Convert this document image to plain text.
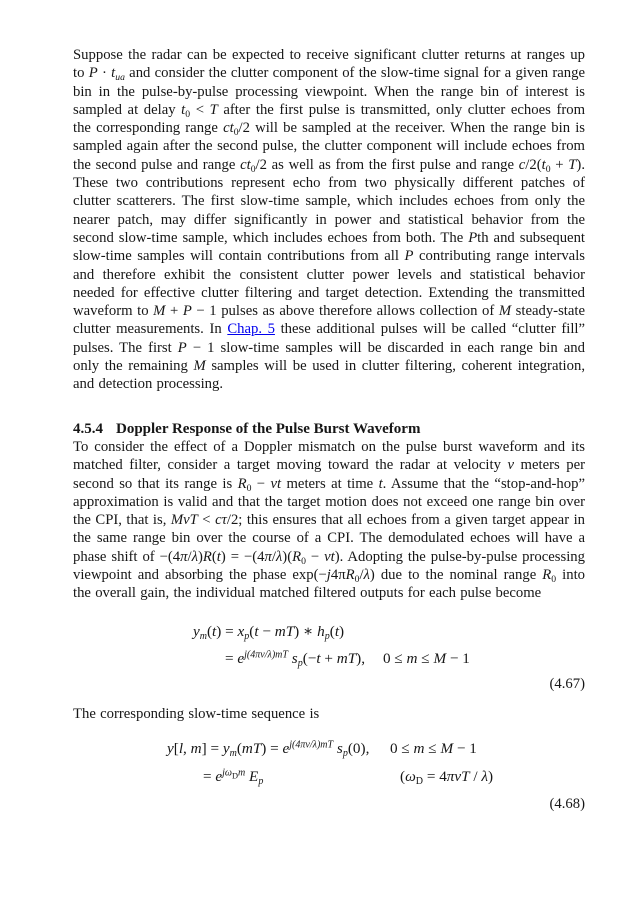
Suppose the radar can be expected to receive significant clutter returns at ranges up to $P \cdot t_{ua}$ and consider the clutter component of the slow-time signal for a given range bin in the pulse-by-pulse processing viewpoint. When the range bin of interest is sampled at delay $t_0 < T$ after the first pulse is transmitted, only clutter echoes from the corresponding range $ct_0/2$ will be sampled at the receiver. When the range bin is sampled again after the second pulse, the clutter component will include echoes from the second pulse and range $ct_0/2$ as well as from the first pulse and range $c/2(t_0 + T)$. These two contributions represent echo from two physically different patches of clutter scatterers. The first slow-time sample, which includes echoes from only the nearer patch, may differ significantly in power and statistical behavior from the second slow-time sample, which includes echoes from both. The Pth and subsequent slow-time samples will contain contributions from all P contributing range intervals and therefore exhibit the consistent clutter power levels and statistical behavior needed for effective clutter filtering and target detection. Extending the transmitted waveform to M + P − 1 pulses as above therefore allows collection of M steady-state clutter measurements. In Chap. 5 these additional pulses will be called “clutter fill” pulses. The first P − 1 slow-time samples will be discarded in each range bin and only the remaining M samples will be used in clutter filtering, coherent integration, and detection processing.

4.5.4 Doppler Response of the Pulse Burst Waveform

To consider the effect of a Doppler mismatch on the pulse burst waveform and its matched filter, consider a target moving toward the radar at velocity v meters per second so that its range is $R_0$ − vt meters at time t. Assume that the “stop-and-hop” approximation is valid and that the target motion does not exceed one range bin over the CPI, that is, MvT < cτ/2; this ensures that all echoes from a given target appear in the same range bin over the course of a CPI. The demodulated echoes will have a phase shift of $-(4\pi/\lambda)R(t) = -(4\pi/\lambda)(R_0 - vt)$. Adopting the pulse-by-pulse processing viewpoint and absorbing the phase $\exp(-j4\pi R_0/\lambda)$ due to the nominal range $R_0$ into the overall gain, the individual matched filtered outputs for each pulse become

$y_m(t) = x_p(t - mT)$ ∗ $h_p(t)$
= $e^{j(4\pi v/\lambda)mT}$ $s_p(-t + mT)$, 0 ≤ m ≤ M − 1
(4.67)

The corresponding slow-time sequence is

y[l, $m] = y_m(mT) = e^{j(4\pi v/\lambda)mT}$ $s_p(0)$, 0 ≤ m ≤ M − 1
= $e^{j\omega}D^m$ $E_p$	$(\omega_D = 4\pi vT / \lambda)$
(4.68)
